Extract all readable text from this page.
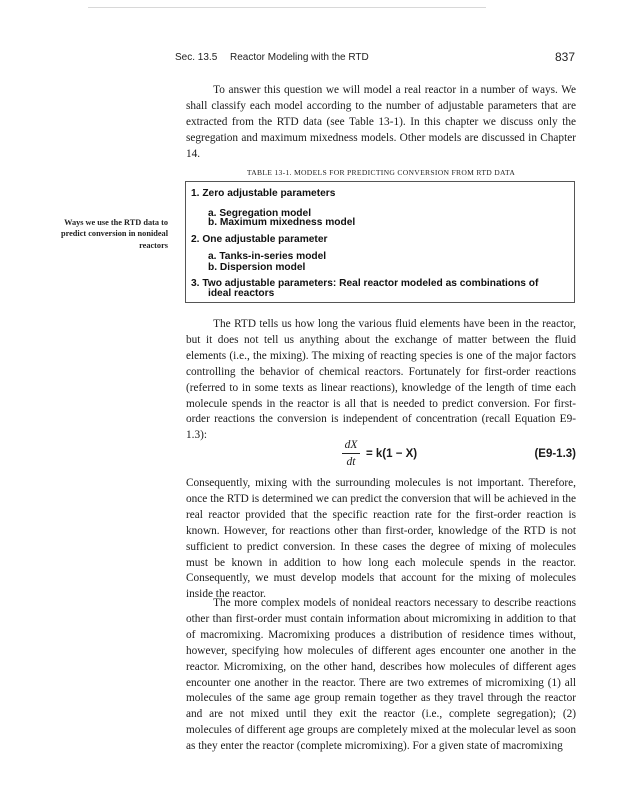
Sec. 13.5 Reactor Modeling with the RTD	837

To answer this question we will model a real reactor in a number of ways. We shall classify each model according to the number of adjustable parameters that are extracted from the RTD data (see Table 13-1). In this chapter we discuss only the segregation and maximum mixedness models. Other models are discussed in Chapter 14.

TABLE 13-1. MODELS FOR PREDICTING CONVERSION FROM RTD DATA
1. Zero adjustable parameters
a. Segregation model
b. Maximum mixedness model
2. One adjustable parameter
a. Tanks-in-series model
b. Dispersion model
3. Two adjustable parameters: Real reactor modeled as combinations of
ideal reactors
Ways we use the RTD data to predict conversion in nonideal reactors

The RTD tells us how long the various fluid elements have been in the reactor, but it does not tell us anything about the exchange of matter between the fluid elements (i.e., the mixing). The mixing of reacting species is one of the major factors controlling the behavior of chemical reactors. Fortunately for first-order reactions (referred to in some texts as linear reactions), knowledge of the length of time each molecule spends in the reactor is all that is needed to predict conversion. For first-order reactions the conversion is independent of concentration (recall Equation E9-1.3):

dX
dt
= k(1 − X)	(E9-1.3)

Consequently, mixing with the surrounding molecules is not important. Therefore, once the RTD is determined we can predict the conversion that will be achieved in the real reactor provided that the specific reaction rate for the first-order reaction is known. However, for reactions other than first-order, knowledge of the RTD is not sufficient to predict conversion. In these cases the degree of mixing of molecules must be known in addition to how long each molecule spends in the reactor. Consequently, we must develop models that account for the mixing of molecules inside the reactor.

The more complex models of nonideal reactors necessary to describe reactions other than first-order must contain information about micromixing in addition to that of macromixing. Macromixing produces a distribution of residence times without, however, specifying how molecules of different ages encounter one another in the reactor. Micromixing, on the other hand, describes how molecules of different ages encounter one another in the reactor. There are two extremes of micromixing (1) all molecules of the same age group remain together as they travel through the reactor and are not mixed until they exit the reactor (i.e., complete segregation); (2) molecules of different age groups are completely mixed at the molecular level as soon as they enter the reactor (complete micromixing). For a given state of macromixing
